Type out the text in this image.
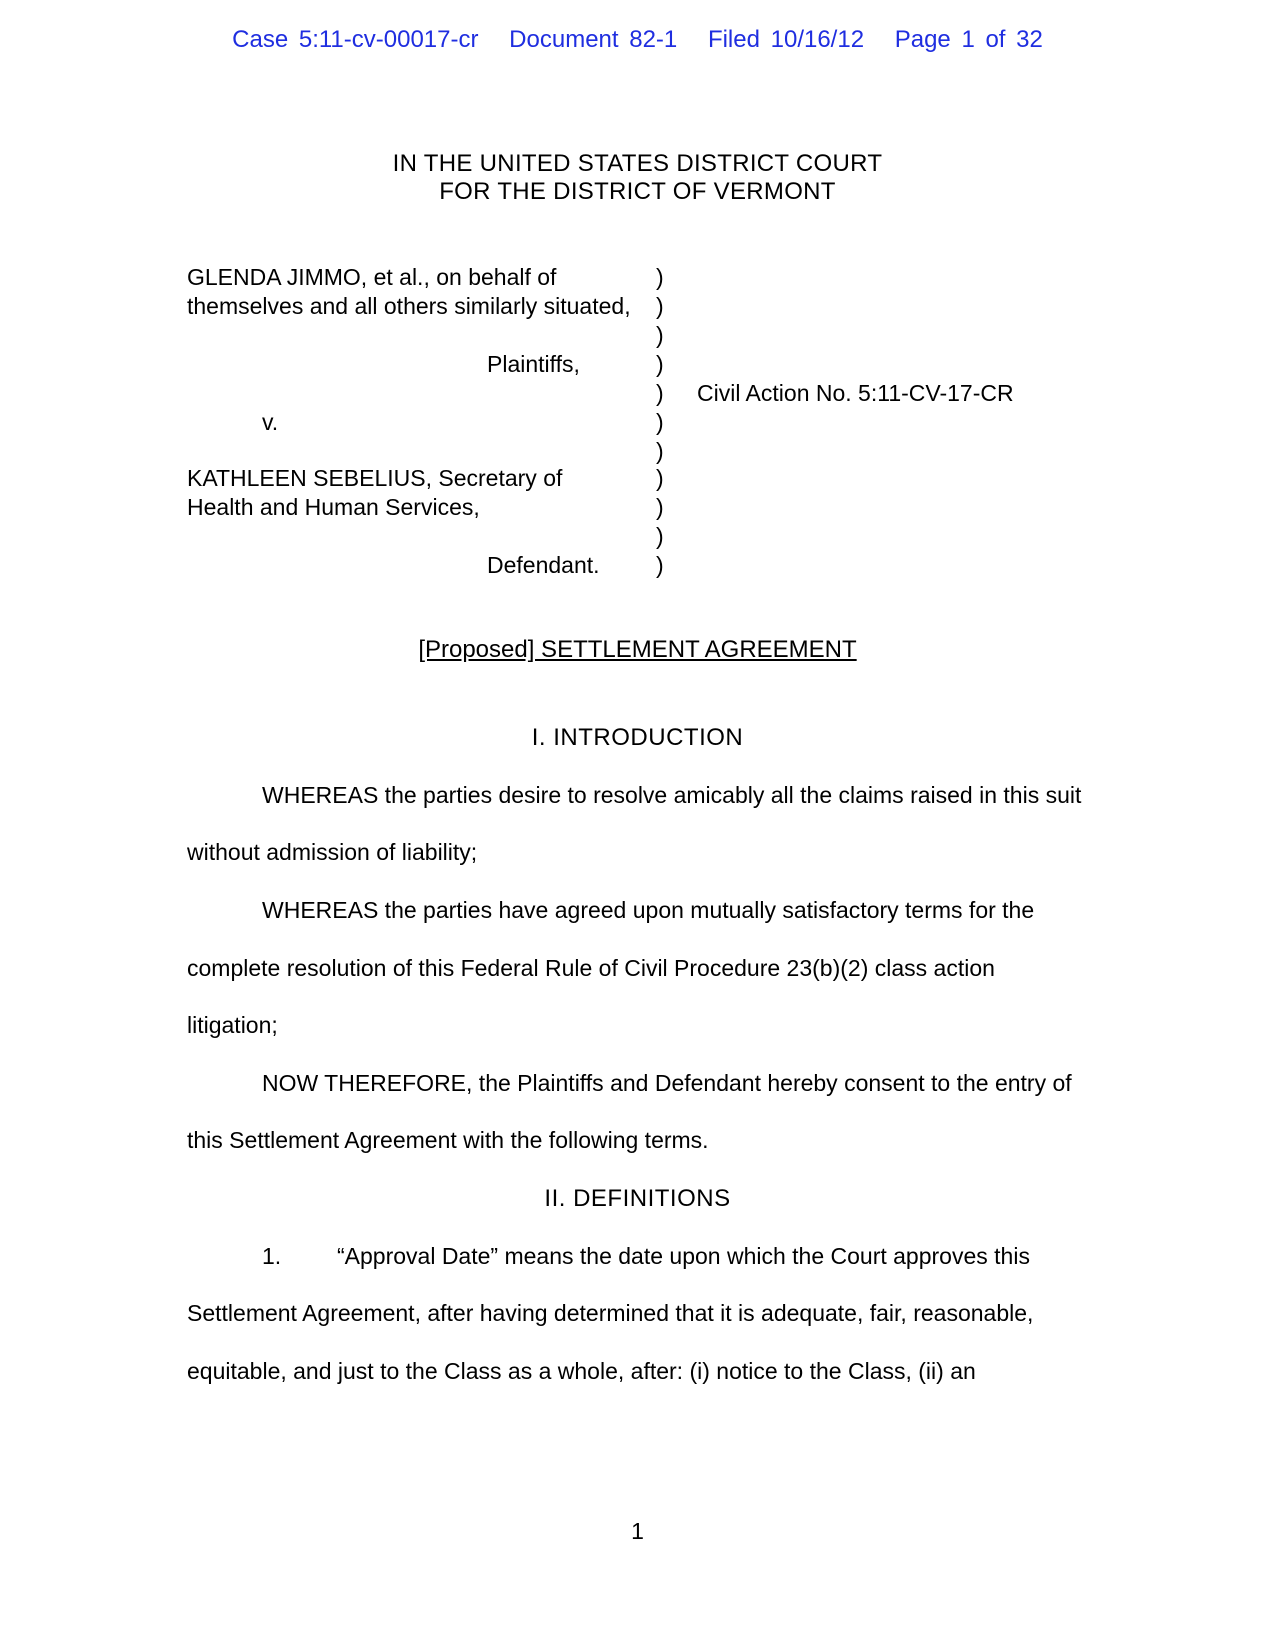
Case 5:11-cv-00017-cr Document 82-1 Filed 10/16/12 Page 1 of 32
IN THE UNITED STATES DISTRICT COURT
FOR THE DISTRICT OF VERMONT
GLENDA JIMMO, et al., on behalf of
themselves and all others similarly situated,
Plaintiffs,
v.
KATHLEEN SEBELIUS, Secretary of
Health and Human Services,
Defendant.
)
)
)
)
)
)
)
)
)
)
)
Civil Action No. 5:11-CV-17-CR
[Proposed] SETTLEMENT AGREEMENT
I. INTRODUCTION
WHEREAS the parties desire to resolve amicably all the claims raised in this suit
without admission of liability;
WHEREAS the parties have agreed upon mutually satisfactory terms for the
complete resolution of this Federal Rule of Civil Procedure 23(b)(2) class action
litigation;
NOW THEREFORE, the Plaintiffs and Defendant hereby consent to the entry of
this Settlement Agreement with the following terms.
II. DEFINITIONS
1. “Approval Date” means the date upon which the Court approves this
Settlement Agreement, after having determined that it is adequate, fair, reasonable,
equitable, and just to the Class as a whole, after: (i) notice to the Class, (ii) an
1
